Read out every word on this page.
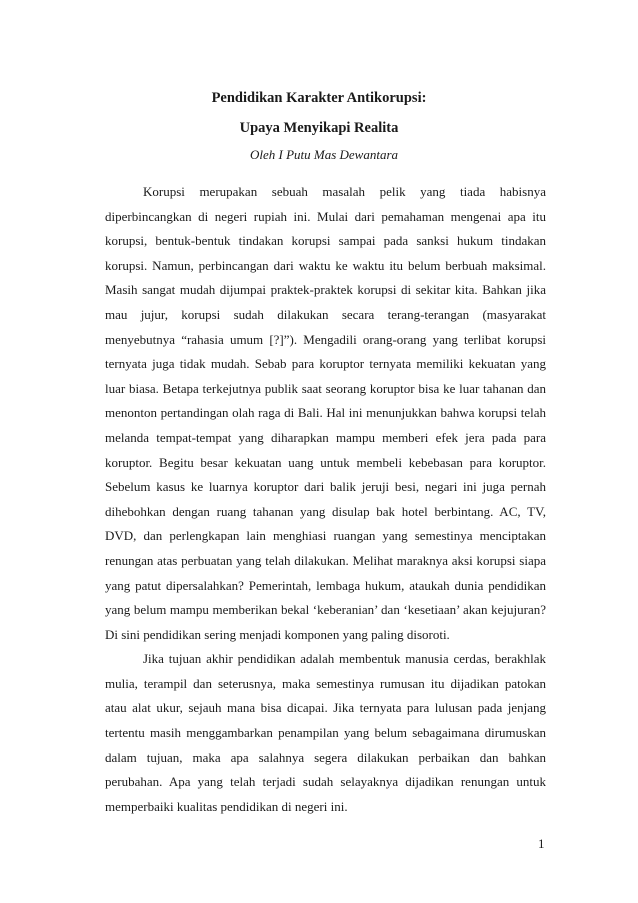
Pendidikan Karakter Antikorupsi:
Upaya Menyikapi Realita
Oleh I Putu Mas Dewantara

Korupsi merupakan sebuah masalah pelik yang tiada habisnya diperbincangkan di negeri rupiah ini. Mulai dari pemahaman mengenai apa itu korupsi, bentuk-bentuk tindakan korupsi sampai pada sanksi hukum tindakan korupsi. Namun, perbincangan dari waktu ke waktu itu belum berbuah maksimal. Masih sangat mudah dijumpai praktek-praktek korupsi di sekitar kita. Bahkan jika mau jujur, korupsi sudah dilakukan secara terang-terangan (masyarakat menyebutnya “rahasia umum [?]”). Mengadili orang-orang yang terlibat korupsi ternyata juga tidak mudah. Sebab para koruptor ternyata memiliki kekuatan yang luar biasa. Betapa terkejutnya publik saat seorang koruptor bisa ke luar tahanan dan menonton pertandingan olah raga di Bali. Hal ini menunjukkan bahwa korupsi telah melanda tempat-tempat yang diharapkan mampu memberi efek jera pada para koruptor. Begitu besar kekuatan uang untuk membeli kebebasan para koruptor. Sebelum kasus ke luarnya koruptor dari balik jeruji besi, negari ini juga pernah dihebohkan dengan ruang tahanan yang disulap bak hotel berbintang. AC, TV, DVD, dan perlengkapan lain menghiasi ruangan yang semestinya menciptakan renungan atas perbuatan yang telah dilakukan. Melihat maraknya aksi korupsi siapa yang patut dipersalahkan? Pemerintah, lembaga hukum, ataukah dunia pendidikan yang belum mampu memberikan bekal ‘keberanian’ dan ‘kesetiaan’ akan kejujuran? Di sini pendidikan sering menjadi komponen yang paling disoroti.

Jika tujuan akhir pendidikan adalah membentuk manusia cerdas, berakhlak mulia, terampil dan seterusnya, maka semestinya rumusan itu dijadikan patokan atau alat ukur, sejauh mana bisa dicapai. Jika ternyata para lulusan pada jenjang tertentu masih menggambarkan penampilan yang belum sebagaimana dirumuskan dalam tujuan, maka apa salahnya segera dilakukan perbaikan dan bahkan perubahan. Apa yang telah terjadi sudah selayaknya dijadikan renungan untuk memperbaiki kualitas pendidikan di negeri ini.

1
